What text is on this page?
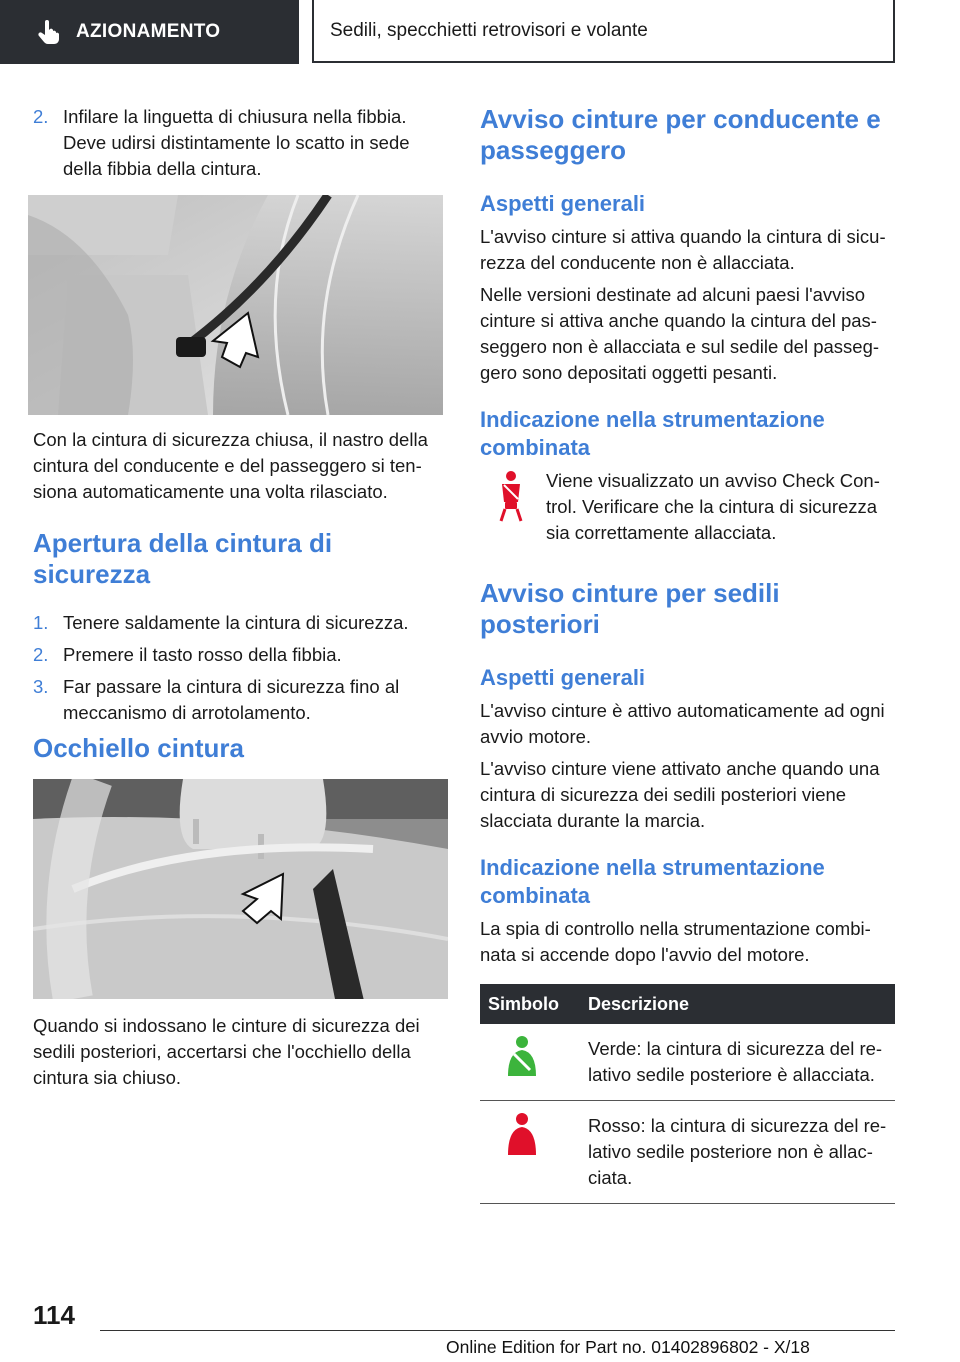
AZIONAMENTO	Sedili, specchietti retrovisori e volante
2. Infilare la linguetta di chiusura nella fibbia. Deve udirsi distintamente lo scatto in sede della fibbia della cintura.

Con la cintura di sicurezza chiusa, il nastro della cintura del conducente e del passeggero si ten-siona automaticamente una volta rilasciato.

Apertura della cintura di sicurezza
1. Tenere saldamente la cintura di sicurezza.
2. Premere il tasto rosso della fibbia.
3. Far passare la cintura di sicurezza fino al meccanismo di arrotolamento.
Occhiello cintura

Quando si indossano le cinture di sicurezza dei sedili posteriori, accertarsi che l'occhiello della cintura sia chiuso.

Avviso cinture per conducente e passeggero
Aspetti generali

L'avviso cinture si attiva quando la cintura di sicu-rezza del conducente non è allacciata.

Nelle versioni destinate ad alcuni paesi l'avviso cinture si attiva anche quando la cintura del pas-seggero non è allacciata e sul sedile del passeg-gero sono depositati oggetti pesanti.

Indicazione nella strumentazione combinata

Viene visualizzato un avviso Check Con-trol. Verificare che la cintura di sicurezza sia correttamente allacciata.

Avviso cinture per sedili posteriori
Aspetti generali

L'avviso cinture è attivo automaticamente ad ogni avvio motore.

L'avviso cinture viene attivato anche quando una cintura di sicurezza dei sedili posteriori viene slacciata durante la marcia.

Indicazione nella strumentazione combinata

La spia di controllo nella strumentazione combi-nata si accende dopo l'avvio del motore.

Simbolo	Descrizione
	Verde: la cintura di sicurezza del re-lativo sedile posteriore è allacciata.
	Rosso: la cintura di sicurezza del re-lativo sedile posteriore non è allac-ciata.
114
Online Edition for Part no. 01402896802 - X/18
